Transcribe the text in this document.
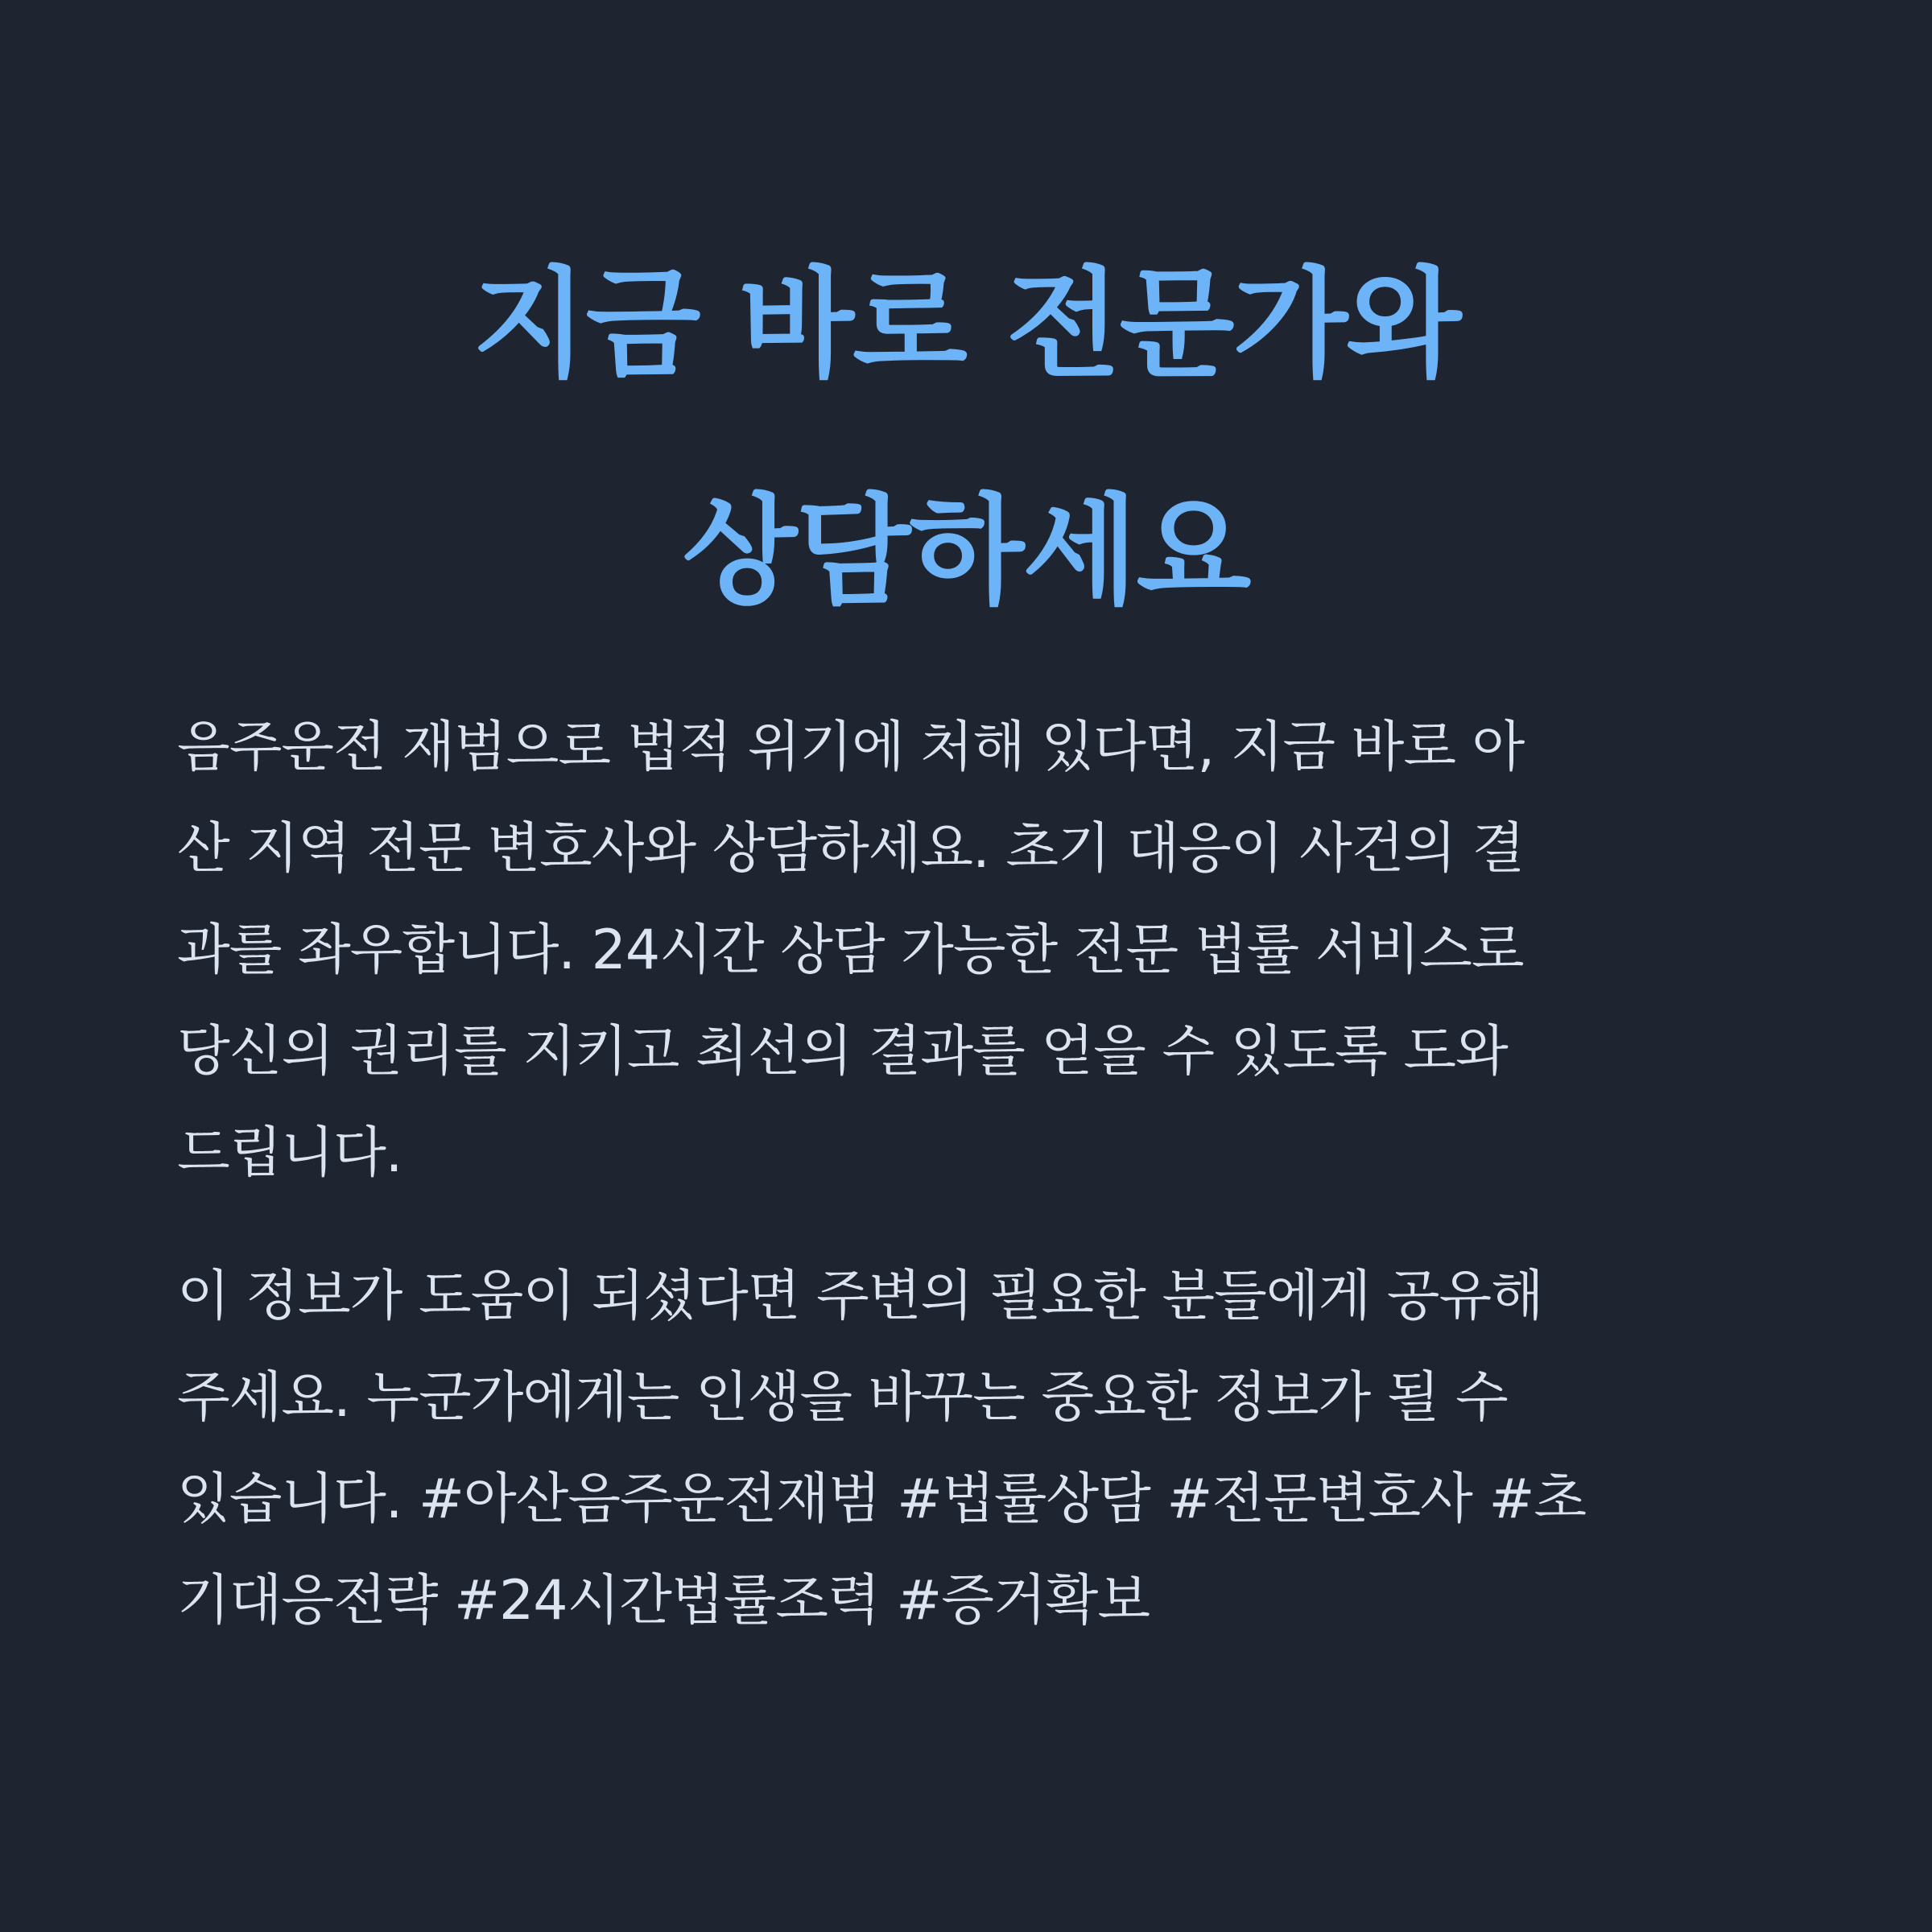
지금 바로 전문가와
상담하세요

음주운전 재범으로 법적 위기에 처해 있다면, 지금 바로 아
산 지역 전문 변호사와 상담하세요. 초기 대응이 사건의 결
과를 좌우합니다. 24시간 상담 가능한 전문 법률 서비스로
당신의 권리를 지키고 최선의 결과를 얻을 수 있도록 도와
드립니다.

이 정보가 도움이 되셨다면 주변의 필요한 분들에게 공유해
주세요. 누군가에게는 인생을 바꾸는 중요한 정보가 될 수
있습니다. #아산음주운전재범 #법률상담 #전문변호사 #초
기대응전략 #24시간법률조력 #증거확보
